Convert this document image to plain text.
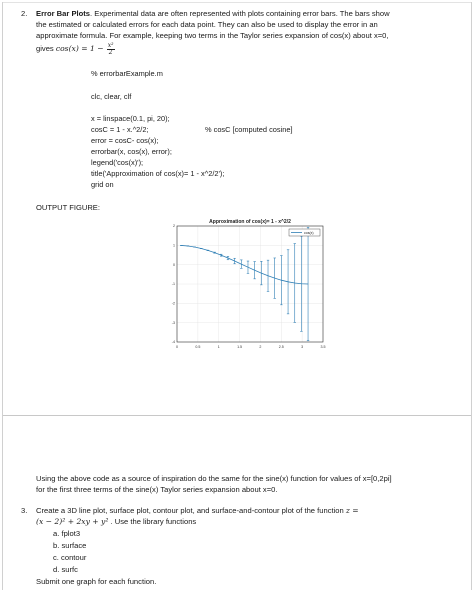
2. Error Bar Plots. Experimental data are often represented with plots containing error bars. The bars show
the estimated or calculated errors for each data point. They can also be used to display the error in an
approximate formula. For example, keeping two terms in the Taylor series expansion of cos(x) about x=0,
gives $\cos(x) = 1 - \frac{\text{x²}}{2}$
% errorbarExample.m
clc, clear, clf
x = linspace(0.1, pi, 20);
cosC = 1 - x.^2/2;	% cosC [computed cosine]
error = cosC- cos(x);
errorbar(x, cos(x), error);
legend('cos(x)');
title('Approximation of cos(x)= 1 - x^2/2');
grid on
OUTPUT FIGURE:
Approximation of cos(x)= 1 - x^2/2
0	0.5	1	1.5	2	2.5	3	3.5
2
1
0
-1
-2
-3
-4
cos(x)
Using the above code as a source of inspiration do the same for the sine(x) function for values of x=[0,2pi]
for the first three terms of the sine(x) Taylor series expansion about x=0.
3. Create a 3D line plot, surface plot, contour plot, and surface-and-contour plot of the function z =
(x − 2)² + 2xy + y² . Use the library functions
a. fplot3
b. surface
c. contour
d. surfc
Submit one graph for each function.
